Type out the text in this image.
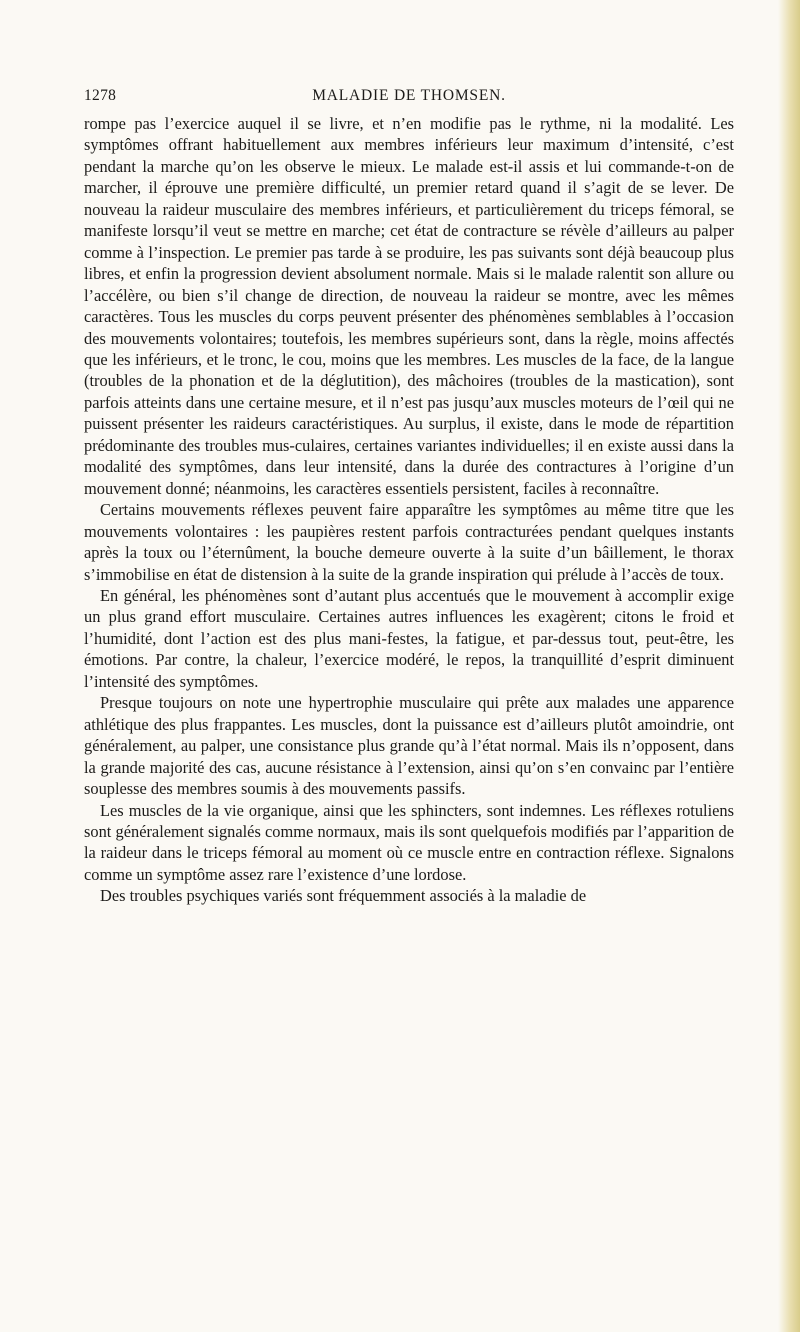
1278	MALADIE DE THOMSEN.

rompe pas l’exercice auquel il se livre, et n’en modifie pas le rythme, ni la modalité. Les symptômes offrant habituellement aux membres inférieurs leur maximum d’intensité, c’est pendant la marche qu’on les observe le mieux. Le malade est-il assis et lui commande-t-on de marcher, il éprouve une première difficulté, un premier retard quand il s’agit de se lever. De nouveau la raideur musculaire des membres inférieurs, et particulièrement du triceps fémoral, se manifeste lorsqu’il veut se mettre en marche; cet état de contracture se révèle d’ailleurs au palper comme à l’inspection. Le premier pas tarde à se produire, les pas suivants sont déjà beaucoup plus libres, et enfin la progression devient absolument normale. Mais si le malade ralentit son allure ou l’accélère, ou bien s’il change de direction, de nouveau la raideur se montre, avec les mêmes caractères. Tous les muscles du corps peuvent présenter des phénomènes semblables à l’occasion des mouvements volontaires; toutefois, les membres supérieurs sont, dans la règle, moins affectés que les inférieurs, et le tronc, le cou, moins que les membres. Les muscles de la face, de la langue (troubles de la phonation et de la déglutition), des mâchoires (troubles de la mastication), sont parfois atteints dans une certaine mesure, et il n’est pas jusqu’aux muscles moteurs de l’œil qui ne puissent présenter les raideurs caractéristiques. Au surplus, il existe, dans le mode de répartition prédominante des troubles mus-culaires, certaines variantes individuelles; il en existe aussi dans la modalité des symptômes, dans leur intensité, dans la durée des contractures à l’origine d’un mouvement donné; néanmoins, les caractères essentiels persistent, faciles à reconnaître.

Certains mouvements réflexes peuvent faire apparaître les symptômes au même titre que les mouvements volontaires : les paupières restent parfois contracturées pendant quelques instants après la toux ou l’éternûment, la bouche demeure ouverte à la suite d’un bâillement, le thorax s’immobilise en état de distension à la suite de la grande inspiration qui prélude à l’accès de toux.

En général, les phénomènes sont d’autant plus accentués que le mouvement à accomplir exige un plus grand effort musculaire. Certaines autres influences les exagèrent; citons le froid et l’humidité, dont l’action est des plus mani-festes, la fatigue, et par-dessus tout, peut-être, les émotions. Par contre, la chaleur, l’exercice modéré, le repos, la tranquillité d’esprit diminuent l’intensité des symptômes.

Presque toujours on note une hypertrophie musculaire qui prête aux malades une apparence athlétique des plus frappantes. Les muscles, dont la puissance est d’ailleurs plutôt amoindrie, ont généralement, au palper, une consistance plus grande qu’à l’état normal. Mais ils n’opposent, dans la grande majorité des cas, aucune résistance à l’extension, ainsi qu’on s’en convainc par l’entière souplesse des membres soumis à des mouvements passifs.

Les muscles de la vie organique, ainsi que les sphincters, sont indemnes. Les réflexes rotuliens sont généralement signalés comme normaux, mais ils sont quelquefois modifiés par l’apparition de la raideur dans le triceps fémoral au moment où ce muscle entre en contraction réflexe. Signalons comme un symptôme assez rare l’existence d’une lordose.

Des troubles psychiques variés sont fréquemment associés à la maladie de
